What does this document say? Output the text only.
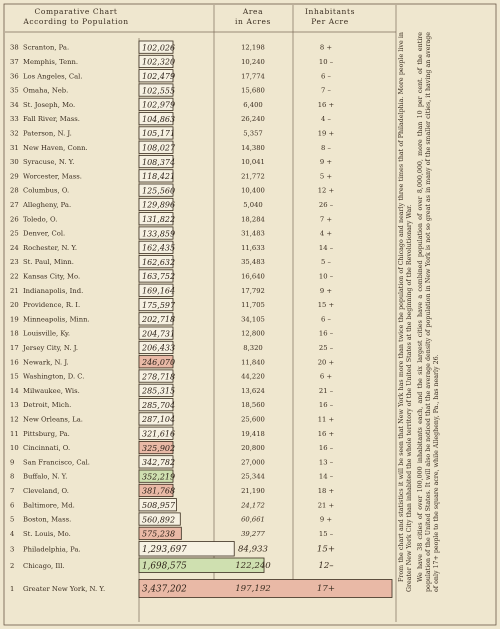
Comparative Chart
According to Population
Area
in Acres
Inhabitants
Per Acre
38 Scranton, Pa.	102,026	12,198	8 +
37 Memphis, Tenn.	102,320	10,240	10 –
36 Los Angeles, Cal.	102,479	17,774	6 –
35 Omaha, Neb.	102,555	15,680	7 –
34 St. Joseph, Mo.	102,979	6,400	16 +
33 Fall River, Mass.	104,863	26,240	4 –
32 Paterson, N. J.	105,171	5,357	19 +
31 New Haven, Conn.	108,027	14,380	8 –
30 Syracuse, N. Y.	108,374	10,041	9 +
29 Worcester, Mass.	118,421	21,772	5 +
28 Columbus, O.	125,560	10,400	12 +
27 Allegheny, Pa.	129,896	5,040	26 –
26 Toledo, O.	131,822	18,284	7 +
25 Denver, Col.	133,859	31,483	4 +
24 Rochester, N. Y.	162,435	11,633	14 –
23 St. Paul, Minn.	162,632	35,483	5 –
22 Kansas City, Mo.	163,752	16,640	10 –
21 Indianapolis, Ind.	169,164	17,792	9 +
20 Providence, R. I.	175,597	11,705	15 +
19 Minneapolis, Minn.	202,718	34,105	6 –
18 Louisville, Ky.	204,731	12,800	16 –
17 Jersey City, N. J.	206,433	8,320	25 –
16 Newark, N. J.	246,070	11,840	20 +
15 Washington, D. C.	278,718	44,220	6 +
14 Milwaukee, Wis.	285,315	13,624	21 –
13 Detroit, Mich.	285,704	18,560	16 –
12 New Orleans, La.	287,104	25,600	11 +
11 Pittsburg, Pa.	321,616	19,418	16 +
10 Cincinnati, O.	325,902	20,800	16 –
9 San Francisco, Cal.	342,782	27,000	13 –
8 Buffalo, N. Y.	352,219	25,344	14 –
7 Cleveland, O.	381,768	21,190	18 +
6 Baltimore, Md.	508,957	24,172	21 +
5 Boston, Mass.	560,892	60,661	9 +
4 St. Louis, Mo.	575,238	39,277	15 –
3 Philadelphia, Pa.	1,293,697	84,933	15+
2 Chicago, Ill.	1,698,575	122,240	12–
1 Greater New York, N. Y.	3,437,202	197,192	17+

From the chart and statistics it will be seen that New York has more than twice the population of Chicago and nearly three times that of Philadelphia. More people live in Greater New York City than inhabited the whole territory of the United States at the beginning of the Revolutionary War. We have 38 cities of over 100,000 inhabitants each, and the six largest cities have a combined population of over 8,000,000, more than 10 per cent. of the entire population of the United States. It will also be noticed that the average density of population in New York is not so great as in many of the smaller cities, it having an average of only 17+ people to the square acre, while Allegheny, Pa., has nearly 26.
